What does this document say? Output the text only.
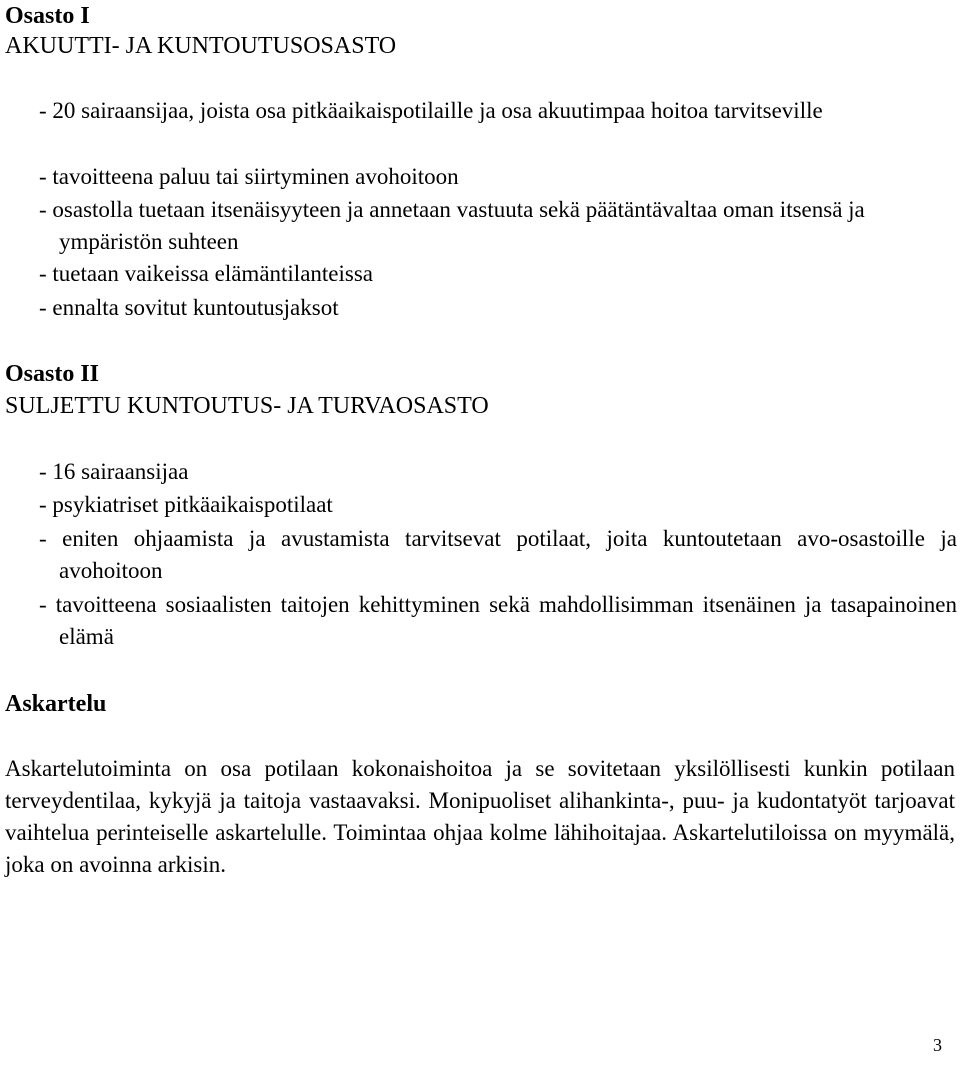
Osasto I
AKUUTTI- JA KUNTOUTUSOSASTO
- 20 sairaansijaa, joista osa pitkäaikaispotilaille ja osa akuutimpaa hoitoa tarvitseville
- tavoitteena paluu tai siirtyminen avohoitoon
- osastolla tuetaan itsenäisyyteen ja annetaan vastuuta sekä päätäntävaltaa oman itsensä ja ympäristön suhteen
- tuetaan vaikeissa elämäntilanteissa
- ennalta sovitut kuntoutusjaksot
Osasto II
SULJETTU KUNTOUTUS- JA TURVAOSASTO
- 16 sairaansijaa
- psykiatriset pitkäaikaispotilaat
- eniten ohjaamista ja avustamista tarvitsevat potilaat, joita kuntoutetaan avo-osastoille ja avohoitoon
- tavoitteena sosiaalisten taitojen kehittyminen sekä mahdollisimman itsenäinen ja tasapainoinen elämä
Askartelu
Askartelutoiminta on osa potilaan kokonaishoitoa ja se sovitetaan yksilöllisesti kunkin potilaan terveydentilaa, kykyjä ja taitoja vastaavaksi. Monipuoliset alihankinta-, puu- ja kudontatyöt tarjoavat vaihtelua perinteiselle askartelulle. Toimintaa ohjaa kolme lähihoitajaa. Askartelutiloissa on myymälä, joka on avoinna arkisin.
3
